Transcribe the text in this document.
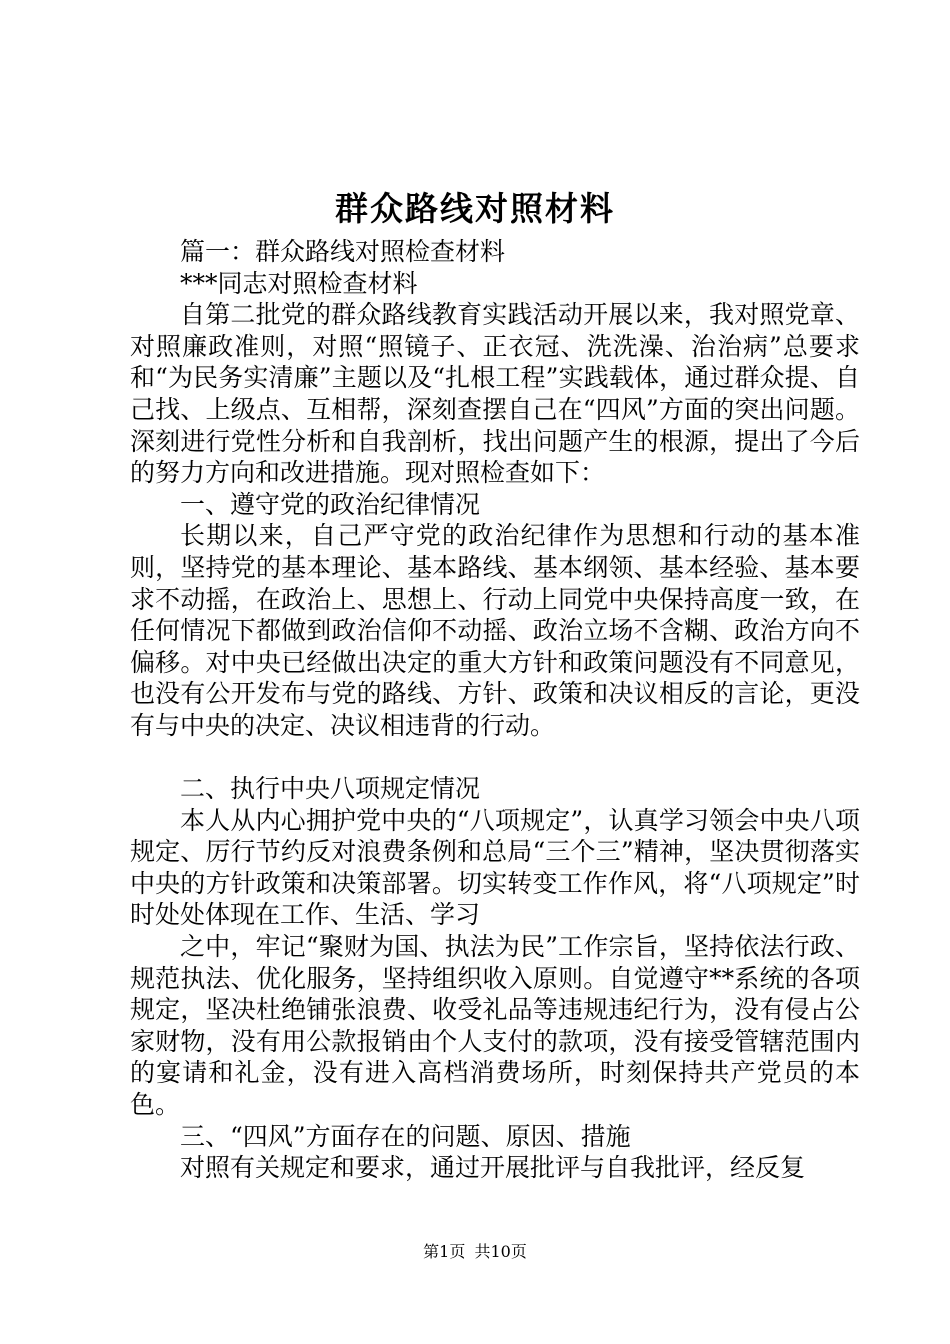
群众路线对照材料

篇一：群众路线对照检查材料

***同志对照检查材料

自第二批党的群众路线教育实践活动开展以来，我对照党章、对照廉政准则，对照“照镜子、正衣冠、洗洗澡、治治病”总要求和“为民务实清廉”主题以及“扎根工程”实践载体，通过群众提、自己找、上级点、互相帮，深刻查摆自己在“四风”方面的突出问题。深刻进行党性分析和自我剖析，找出问题产生的根源，提出了今后的努力方向和改进措施。现对照检查如下：

一、遵守党的政治纪律情况

长期以来，自己严守党的政治纪律作为思想和行动的基本准则，坚持党的基本理论、基本路线、基本纲领、基本经验、基本要求不动摇，在政治上、思想上、行动上同党中央保持高度一致，在任何情况下都做到政治信仰不动摇、政治立场不含糊、政治方向不偏移。对中央已经做出决定的重大方针和政策问题没有不同意见，也没有公开发布与党的路线、方针、政策和决议相反的言论，更没有与中央的决定、决议相违背的行动。

二、执行中央八项规定情况

本人从内心拥护党中央的“八项规定”，认真学习领会中央八项规定、厉行节约反对浪费条例和总局“三个三”精神，坚决贯彻落实中央的方针政策和决策部署。切实转变工作作风，将“八项规定”时时处处体现在工作、生活、学习

之中，牢记“聚财为国、执法为民”工作宗旨，坚持依法行政、规范执法、优化服务，坚持组织收入原则。自觉遵守**系统的各项规定，坚决杜绝铺张浪费、收受礼品等违规违纪行为，没有侵占公家财物，没有用公款报销由个人支付的款项，没有接受管辖范围内的宴请和礼金，没有进入高档消费场所，时刻保持共产党员的本色。

三、“四风”方面存在的问题、原因、措施

对照有关规定和要求，通过开展批评与自我批评，经反复

第1页 共10页
